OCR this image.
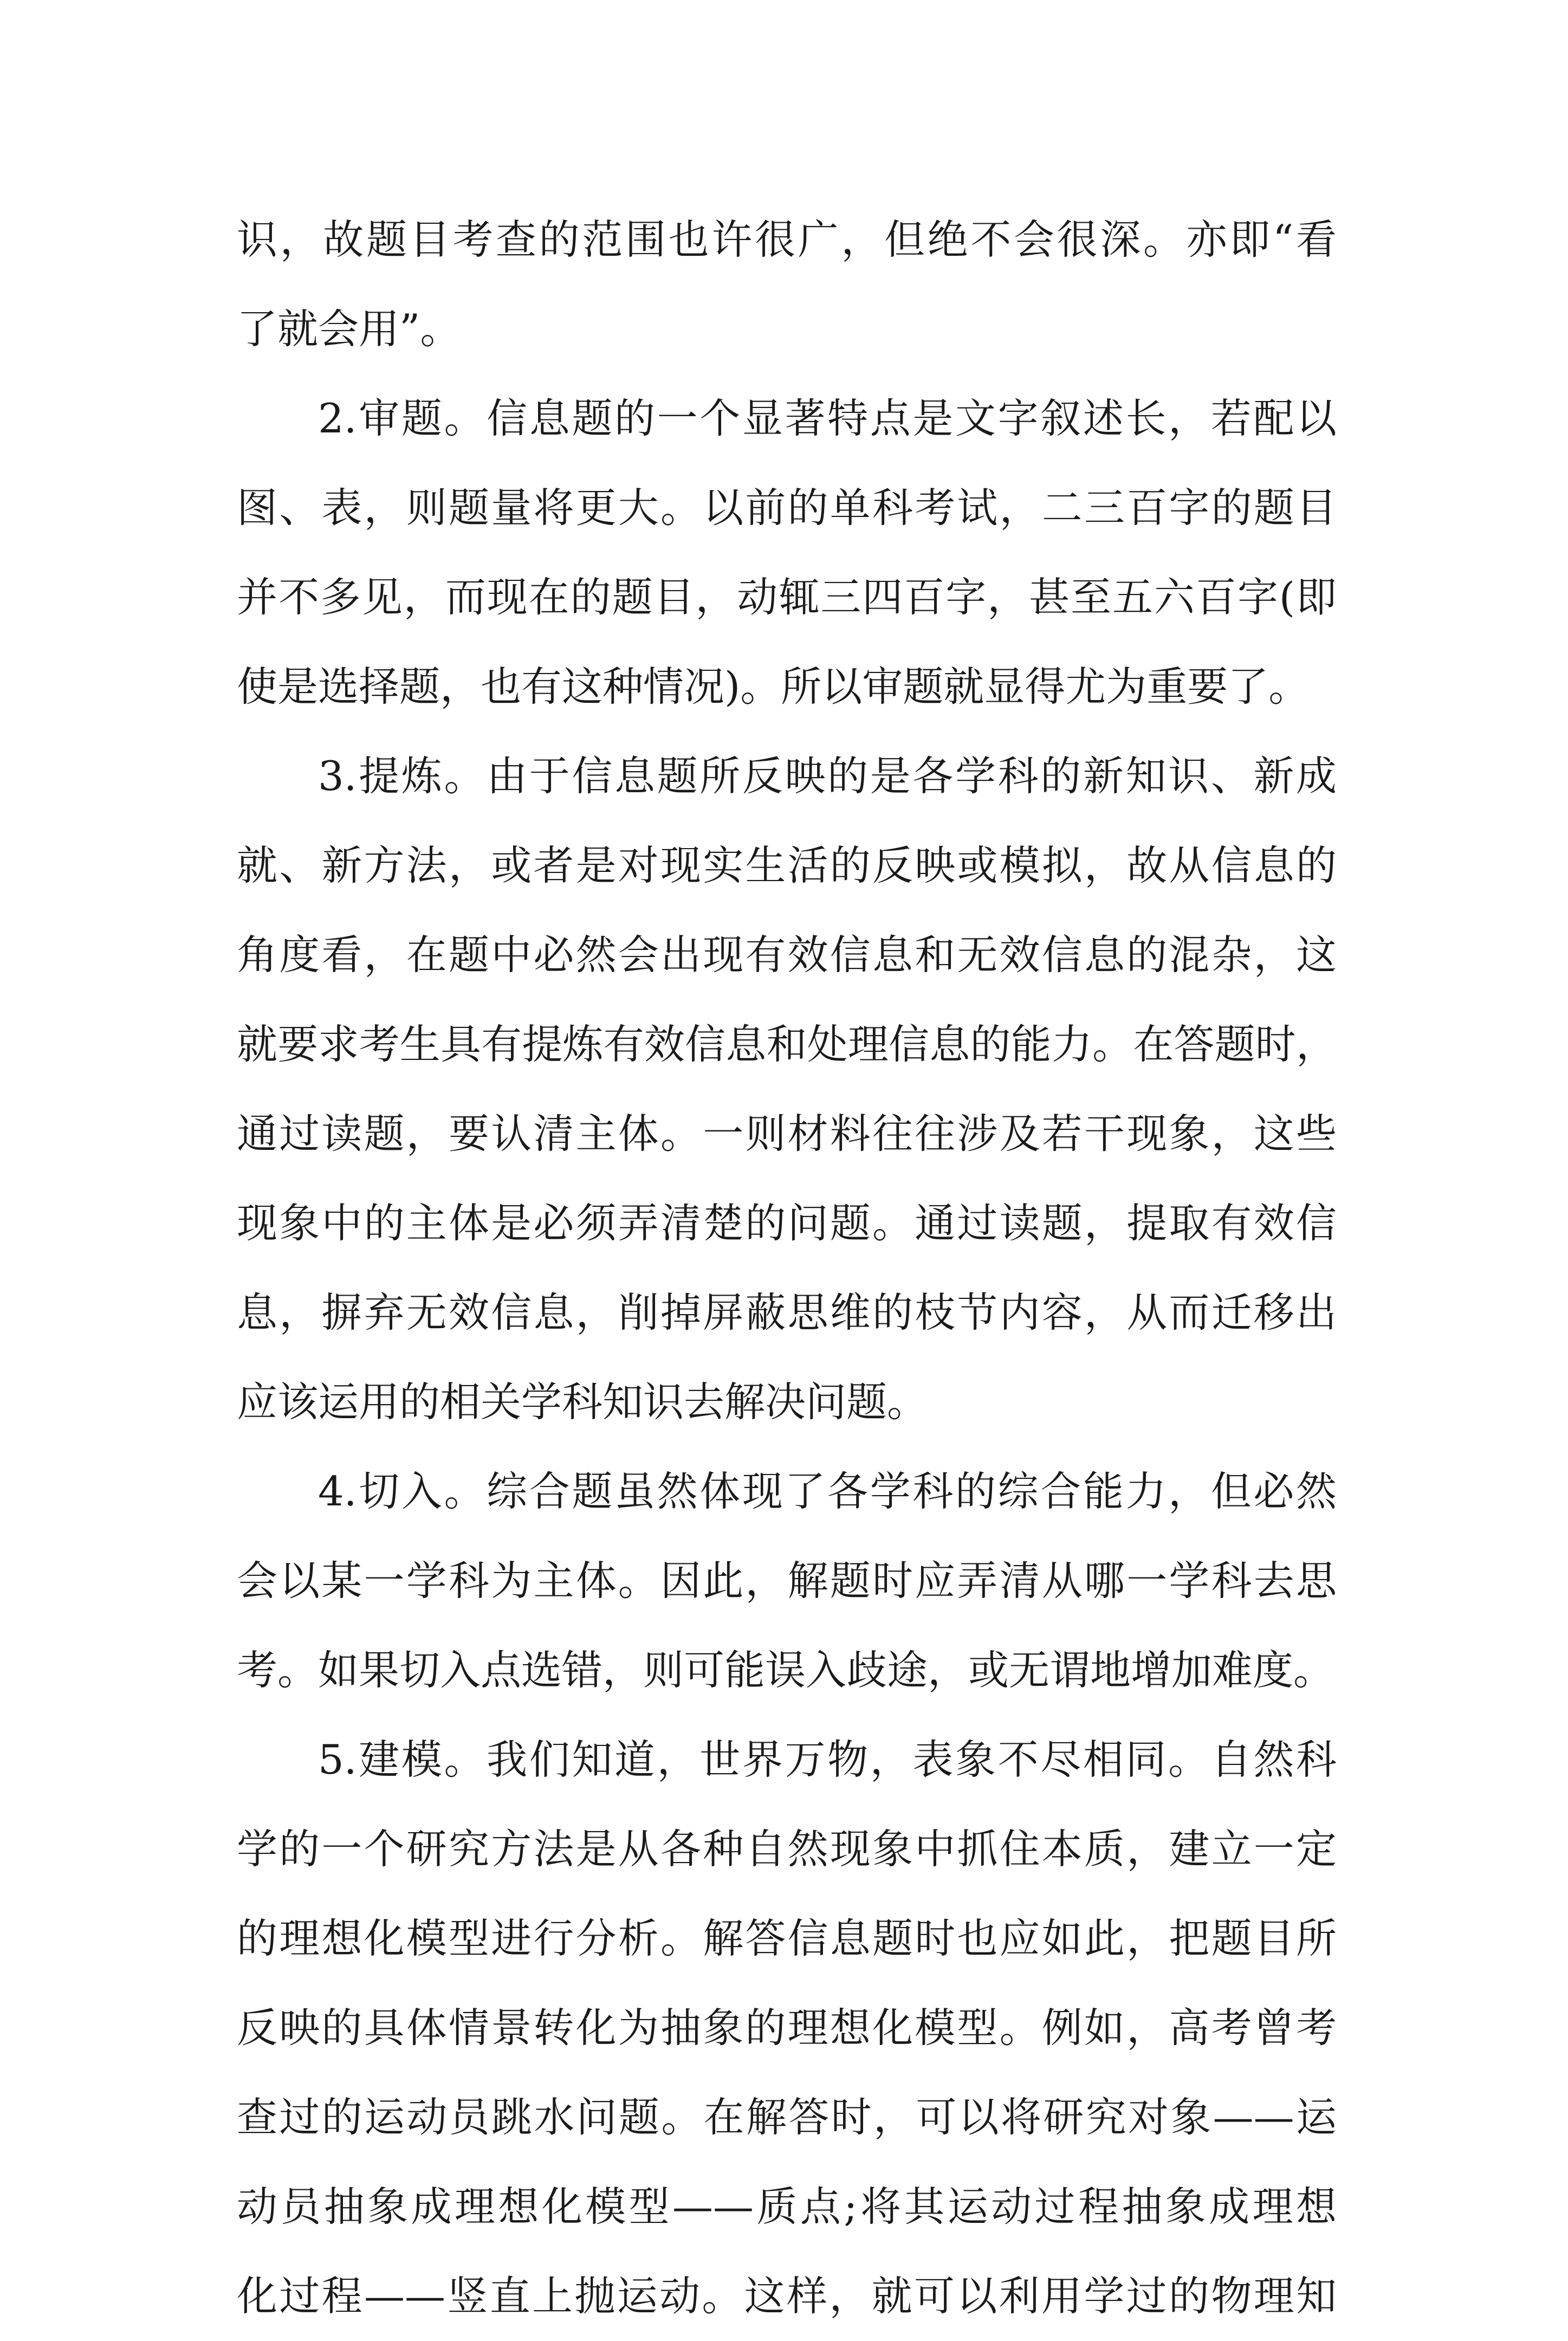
识，故题目考查的范围也许很广，但绝不会很深。亦即“看
了就会用”。
2.审题。信息题的一个显著特点是文字叙述长，若配以
图、表，则题量将更大。以前的单科考试，二三百字的题目
并不多见，而现在的题目，动辄三四百字，甚至五六百字(即
使是选择题，也有这种情况)。所以审题就显得尤为重要了。
3.提炼。由于信息题所反映的是各学科的新知识、新成
就、新方法，或者是对现实生活的反映或模拟，故从信息的
角度看，在题中必然会出现有效信息和无效信息的混杂，这
就要求考生具有提炼有效信息和处理信息的能力。在答题时，
通过读题，要认清主体。一则材料往往涉及若干现象，这些
现象中的主体是必须弄清楚的问题。通过读题，提取有效信
息，摒弃无效信息，削掉屏蔽思维的枝节内容，从而迁移出
应该运用的相关学科知识去解决问题。
4.切入。综合题虽然体现了各学科的综合能力，但必然
会以某一学科为主体。因此，解题时应弄清从哪一学科去思
考。如果切入点选错，则可能误入歧途，或无谓地增加难度。
5.建模。我们知道，世界万物，表象不尽相同。自然科
学的一个研究方法是从各种自然现象中抓住本质，建立一定
的理想化模型进行分析。解答信息题时也应如此，把题目所
反映的具体情景转化为抽象的理想化模型。例如，高考曾考
查过的运动员跳水问题。在解答时，可以将研究对象——运
动员抽象成理想化模型——质点;将其运动过程抽象成理想
化过程——竖直上抛运动。这样，就可以利用学过的物理知
